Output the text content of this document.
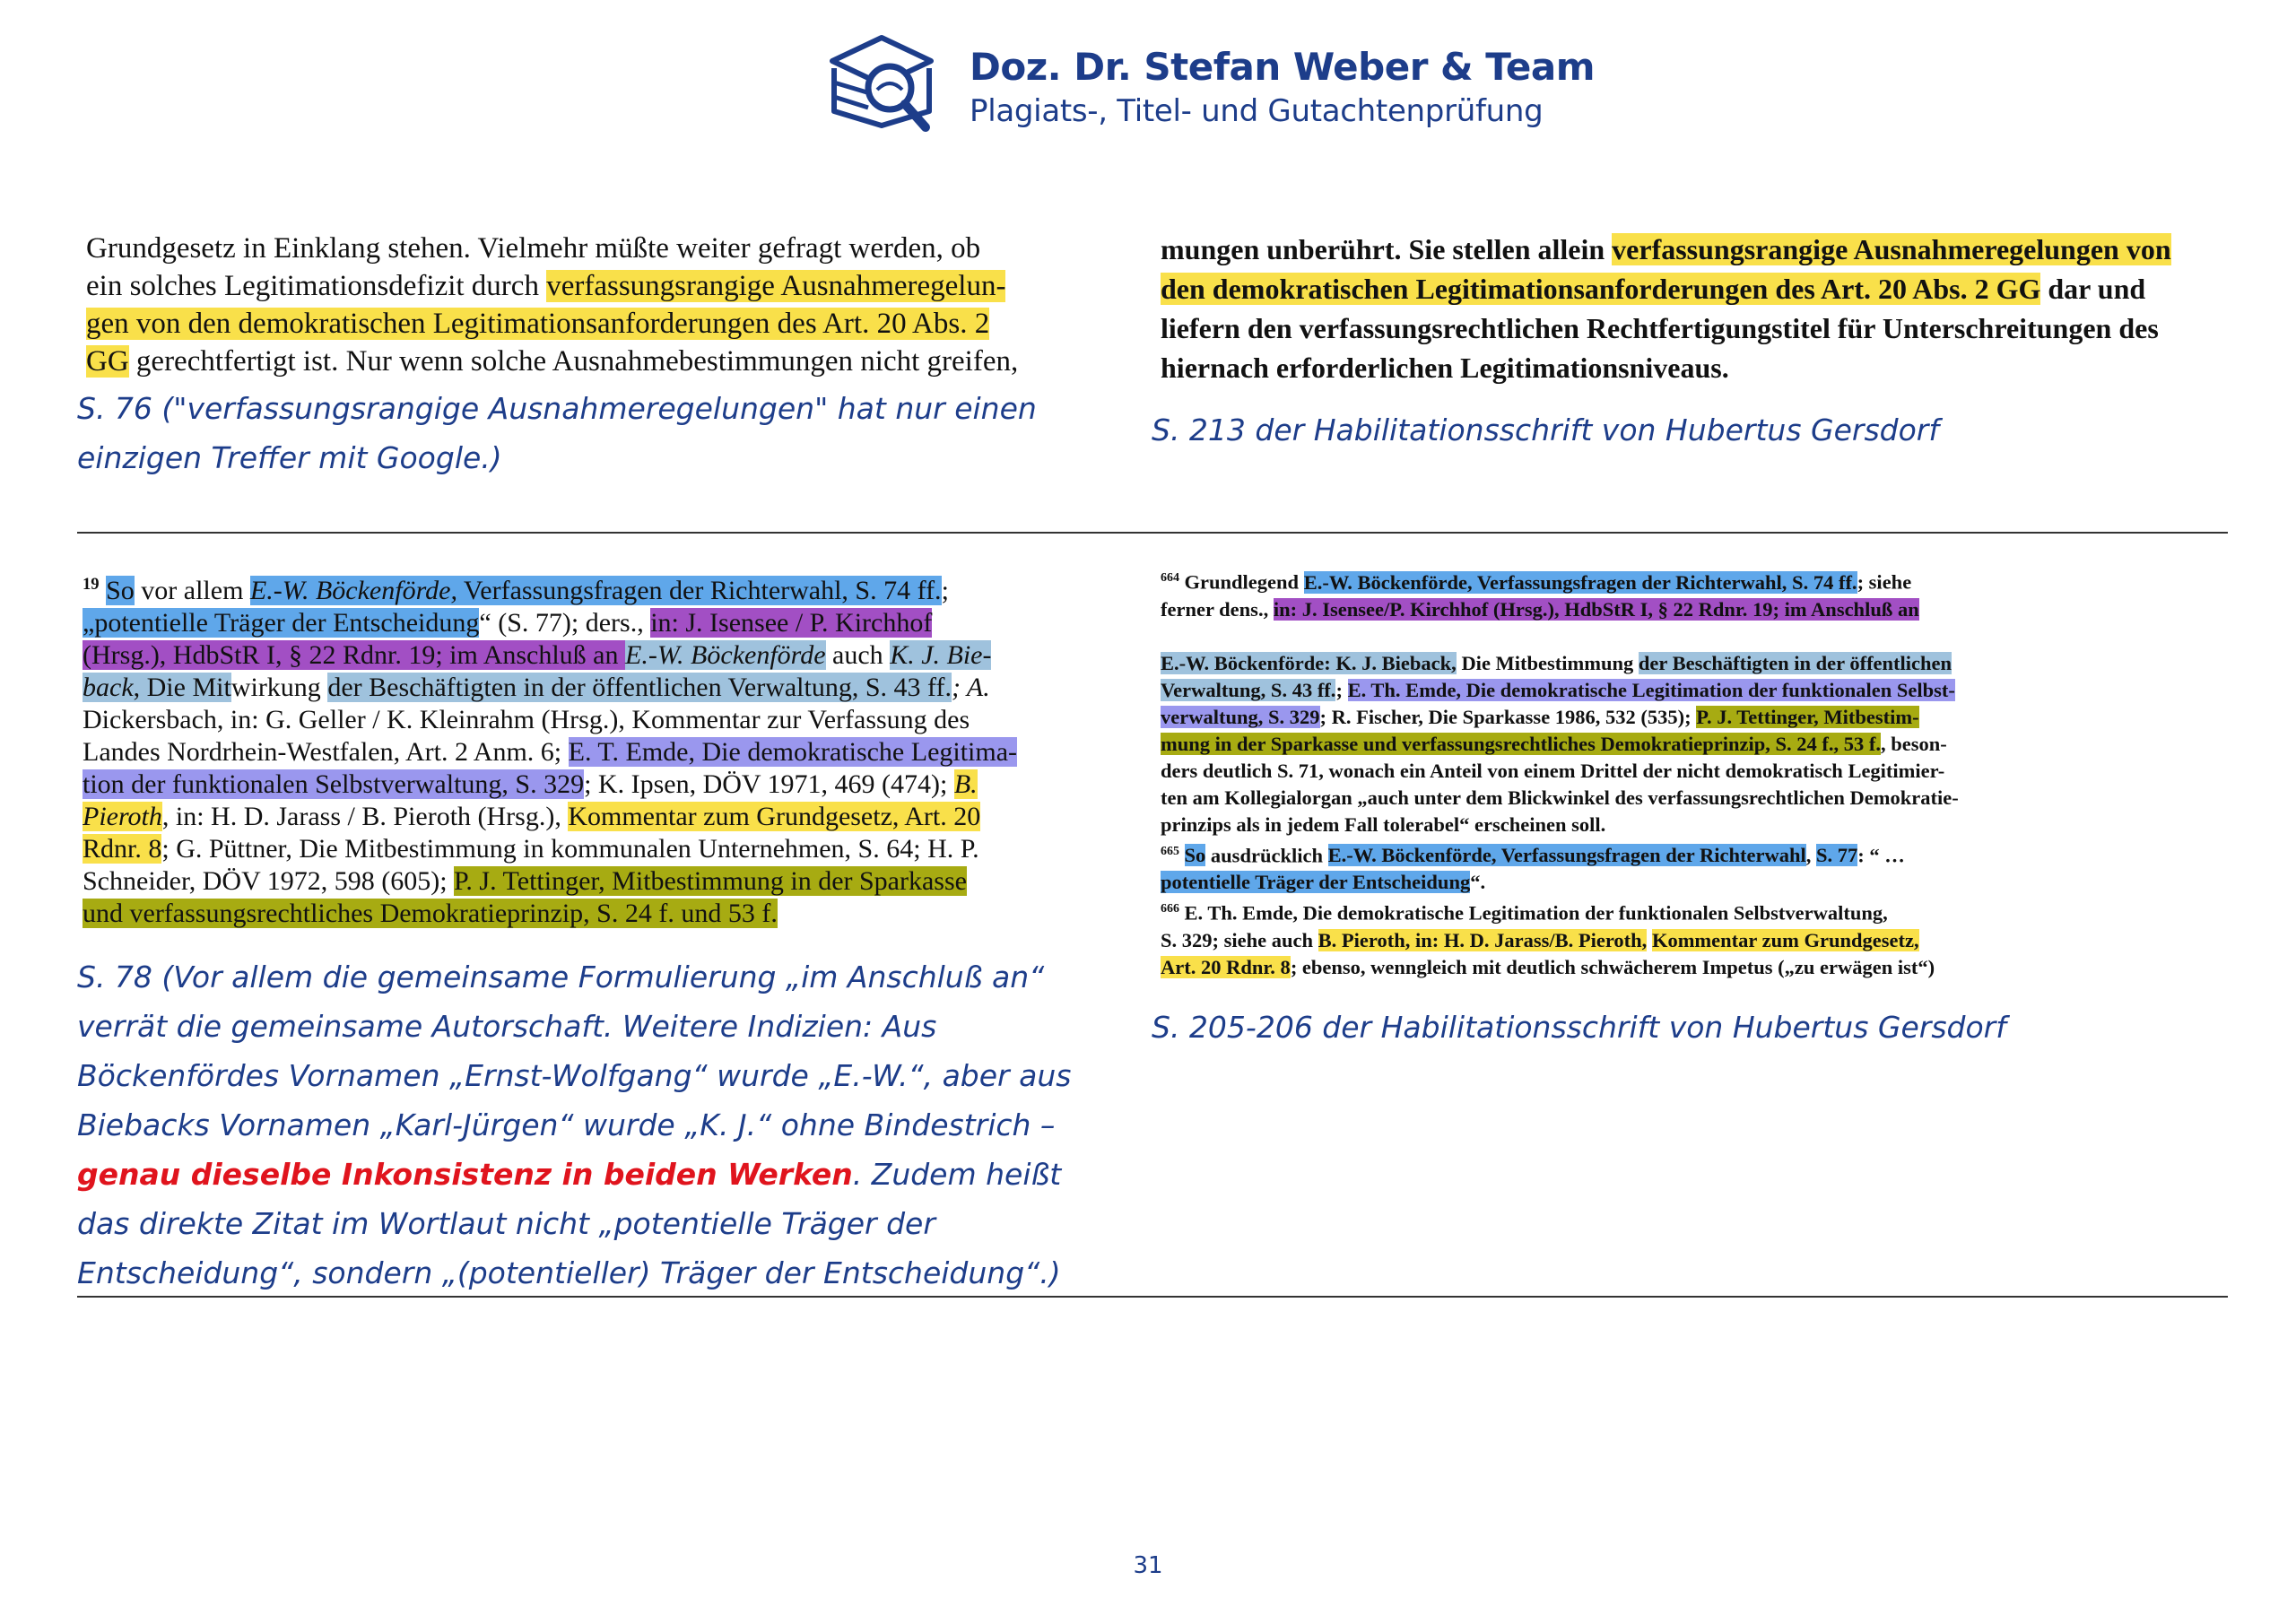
Doz. Dr. Stefan Weber & Team
Plagiats-, Titel- und Gutachtenprüfung
Grundgesetz in Einklang stehen. Vielmehr müßte weiter gefragt werden, ob
ein solches Legitimationsdefizit durch verfassungsrangige Ausnahmeregelun-
gen von den demokratischen Legitimationsanforderungen des Art. 20 Abs. 2
GG gerechtfertigt ist. Nur wenn solche Ausnahmebestimmungen nicht greifen,
S. 76 ("verfassungsrangige Ausnahmeregelungen" hat nur einen einzigen Treffer mit Google.)
mungen unberührt. Sie stellen allein verfassungsrangige Ausnahmeregelungen von
den demokratischen Legitimationsanforderungen des Art. 20 Abs. 2 GG dar und
liefern den verfassungsrechtlichen Rechtfertigungstitel für Unterschreitungen des
hiernach erforderlichen Legitimationsniveaus.
S. 213 der Habilitationsschrift von Hubertus Gersdorf
$^{19}$ So vor allem E.-W. Böckenförde, Verfassungsfragen der Richterwahl, S. 74 ff.;
„potentielle Träger der Entscheidung“ (S. 77); ders., in: J. Isensee / P. Kirchhof
(Hrsg.), HdbStR I, § 22 Rdnr. 19; im Anschluß an E.-W. Böckenförde auch K. J. Bie-
back, Die Mitwirkung der Beschäftigten in der öffentlichen Verwaltung, S. 43 ff.; A.
Dickersbach, in: G. Geller / K. Kleinrahm (Hrsg.), Kommentar zur Verfassung des
Landes Nordrhein-Westfalen, Art. 2 Anm. 6; E. T. Emde, Die demokratische Legitima-
tion der funktionalen Selbstverwaltung, S. 329; K. Ipsen, DÖV 1971, 469 (474); B.
Pieroth, in: H. D. Jarass / B. Pieroth (Hrsg.), Kommentar zum Grundgesetz, Art. 20
Rdnr. 8; G. Püttner, Die Mitbestimmung in kommunalen Unternehmen, S. 64; H. P.
Schneider, DÖV 1972, 598 (605); P. J. Tettinger, Mitbestimmung in der Sparkasse
und verfassungsrechtliches Demokratieprinzip, S. 24 f. und 53 f.
S. 78 (Vor allem die gemeinsame Formulierung „im Anschluß an“ verrät die gemeinsame Autorschaft. Weitere Indizien: Aus Böckenfördes Vornamen „Ernst-Wolfgang“ wurde „E.-W.“, aber aus Biebacks Vornamen „Karl-Jürgen“ wurde „K. J.“ ohne Bindestrich – genau dieselbe Inkonsistenz in beiden Werken. Zudem heißt das direkte Zitat im Wortlaut nicht „potentielle Träger der Entscheidung“, sondern „(potentieller) Träger der Entscheidung“.)
$^{664}$ Grundlegend E.-W. Böckenförde, Verfassungsfragen der Richterwahl, S. 74 ff.; siehe
ferner dens., in: J. Isensee/P. Kirchhof (Hrsg.), HdbStR I, § 22 Rdnr. 19; im Anschluß an
E.-W. Böckenförde: K. J. Bieback, Die Mitbestimmung der Beschäftigten in der öffentlichen
Verwaltung, S. 43 ff.; E. Th. Emde, Die demokratische Legitimation der funktionalen Selbst-
verwaltung, S. 329; R. Fischer, Die Sparkasse 1986, 532 (535); P. J. Tettinger, Mitbestim-
mung in der Sparkasse und verfassungsrechtliches Demokratieprinzip, S. 24 f., 53 f., beson-
ders deutlich S. 71, wonach ein Anteil von einem Drittel der nicht demokratisch Legitimier-
ten am Kollegialorgan „auch unter dem Blickwinkel des verfassungsrechtlichen Demokratie-
prinzips als in jedem Fall tolerabel“ erscheinen soll.
$^{665}$ So ausdrücklich E.-W. Böckenförde, Verfassungsfragen der Richterwahl, S. 77: “ …
potentielle Träger der Entscheidung“.
$^{666}$ E. Th. Emde, Die demokratische Legitimation der funktionalen Selbstverwaltung,
S. 329; siehe auch B. Pieroth, in: H. D. Jarass/B. Pieroth, Kommentar zum Grundgesetz,
Art. 20 Rdnr. 8; ebenso, wenngleich mit deutlich schwächerem Impetus („zu erwägen ist“)
S. 205-206 der Habilitationsschrift von Hubertus Gersdorf
31
